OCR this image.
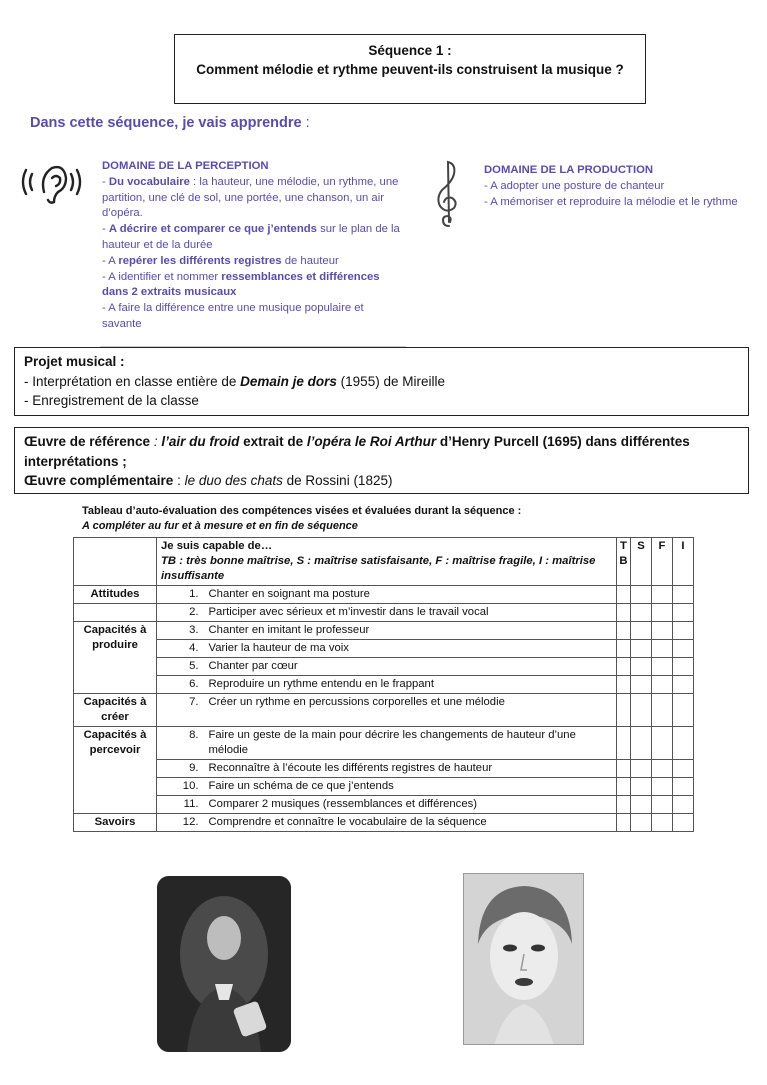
Séquence 1 :
Comment mélodie et rythme peuvent-ils construisent la musique ?
Dans cette séquence, je vais apprendre :
DOMAINE DE LA PERCEPTION
- Du vocabulaire : la hauteur, une mélodie, un rythme, une partition, une clé de sol, une portée, une chanson, un air d’opéra.
- A décrire et comparer ce que j’entends sur le plan de la hauteur et de la durée
- A repérer les différents registres de hauteur
- A identifier et nommer ressemblances et différences dans 2 extraits musicaux
- A faire la différence entre une musique populaire et savante
DOMAINE DE LA PRODUCTION
- A adopter une posture de chanteur
- A mémoriser et reproduire la mélodie et le rythme
Projet musical :
- Interprétation en classe entière de Demain je dors (1955) de Mireille
- Enregistrement de la classe
Œuvre de référence : l’air du froid extrait de l’opéra le Roi Arthur d’Henry Purcell (1695) dans différentes interprétations ;
Œuvre complémentaire : le duo des chats de Rossini (1825)
Tableau d’auto-évaluation des compétences visées et évaluées durant la séquence :
A compléter au fur et à mesure et en fin de séquence

	Je suis capable de…
TB : très bonne maîtrise, S : maîtrise satisfaisante, F : maîtrise fragile, I : maîtrise insuffisante		T B	S	F	I
Attitudes	1.	Chanter en soignant ma posture				
	2.	Participer avec sérieux et m’investir dans le travail vocal				
Capacités à produire	3.	Chanter en imitant le professeur				
	4.	Varier la hauteur de ma voix				
	5.	Chanter par cœur				
	6.	Reproduire un rythme entendu en le frappant				
Capacités à créer	7.	Créer un rythme en percussions corporelles et une mélodie				
Capacités à percevoir	8.	Faire un geste de la main pour décrire les changements de hauteur d’une mélodie				
	9.	Reconnaître à l’écoute les différents registres de hauteur				
	10.	Faire un schéma de ce que j’entends				
	11.	Comparer 2 musiques (ressemblances et différences)				
Savoirs	12.	Comprendre et connaître le vocabulaire de la séquence				
